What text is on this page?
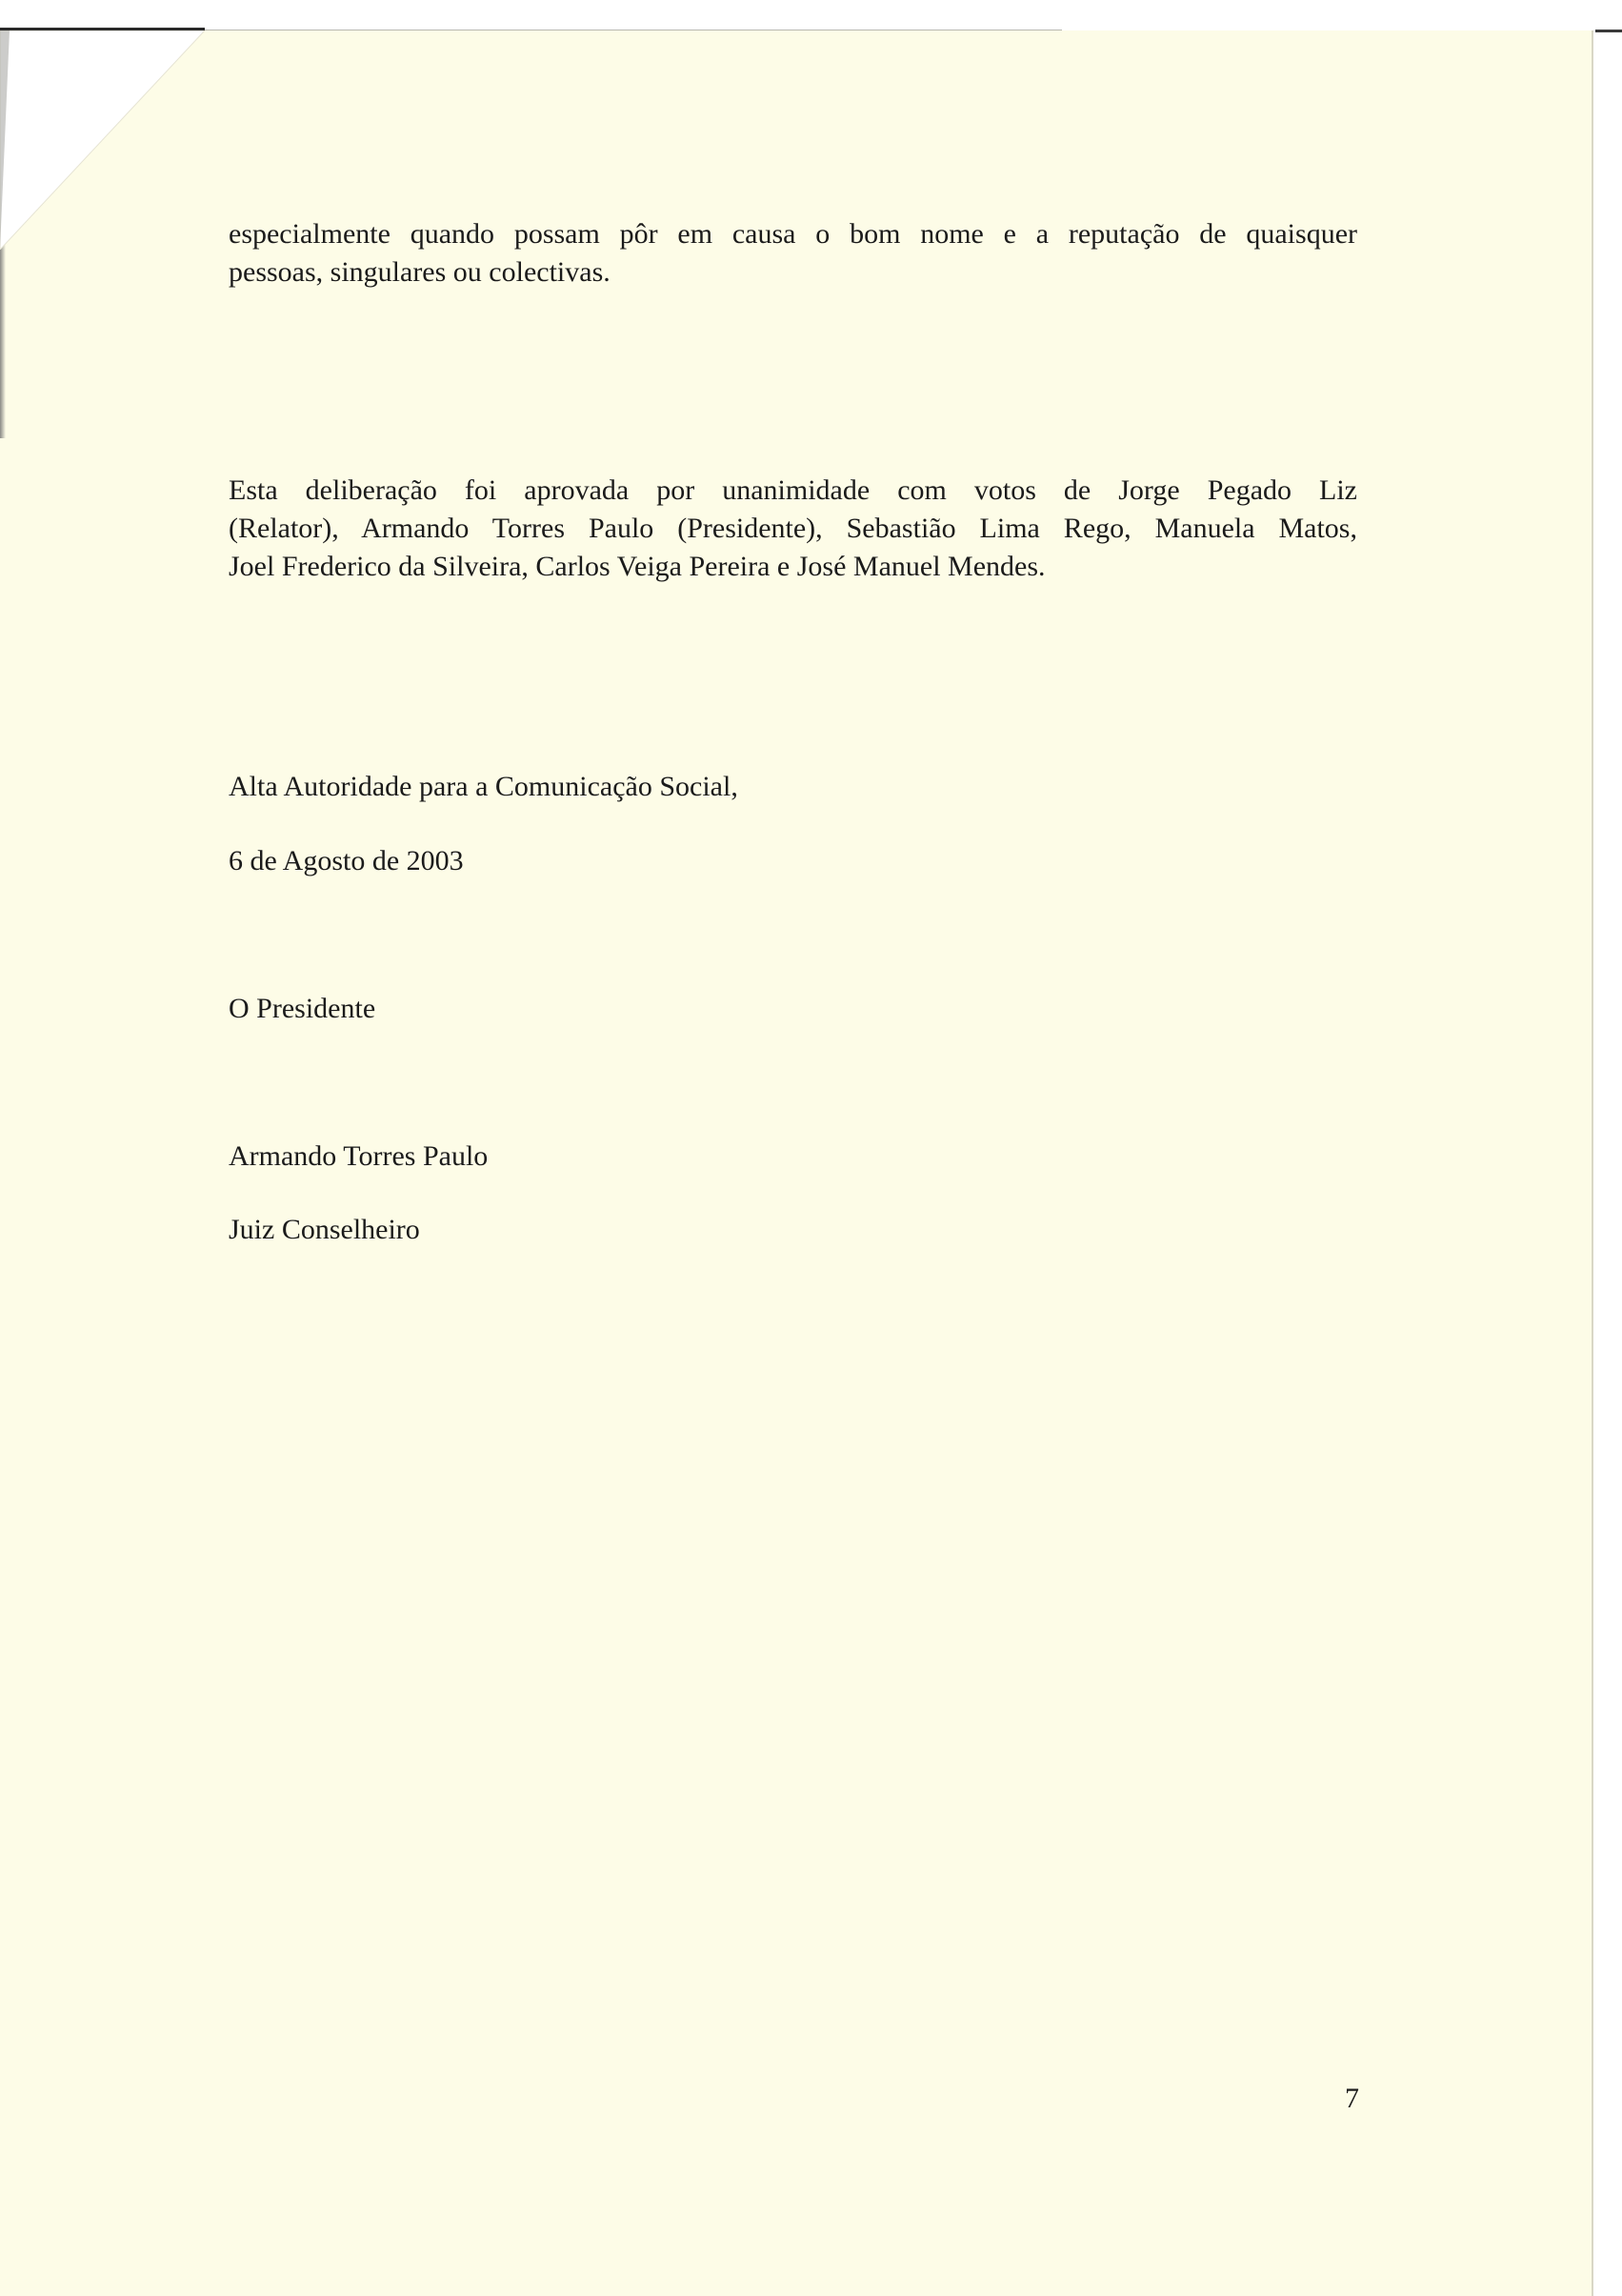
especialmente quando possam pôr em causa o bom nome e a reputação de quaisquer
pessoas, singulares ou colectivas.
Esta deliberação foi aprovada por unanimidade com votos de Jorge Pegado Liz
(Relator), Armando Torres Paulo (Presidente), Sebastião Lima Rego, Manuela Matos,
Joel Frederico da Silveira, Carlos Veiga Pereira e José Manuel Mendes.
Alta Autoridade para a Comunicação Social,
6 de Agosto de 2003
O Presidente
Armando Torres Paulo
Juiz Conselheiro
7
